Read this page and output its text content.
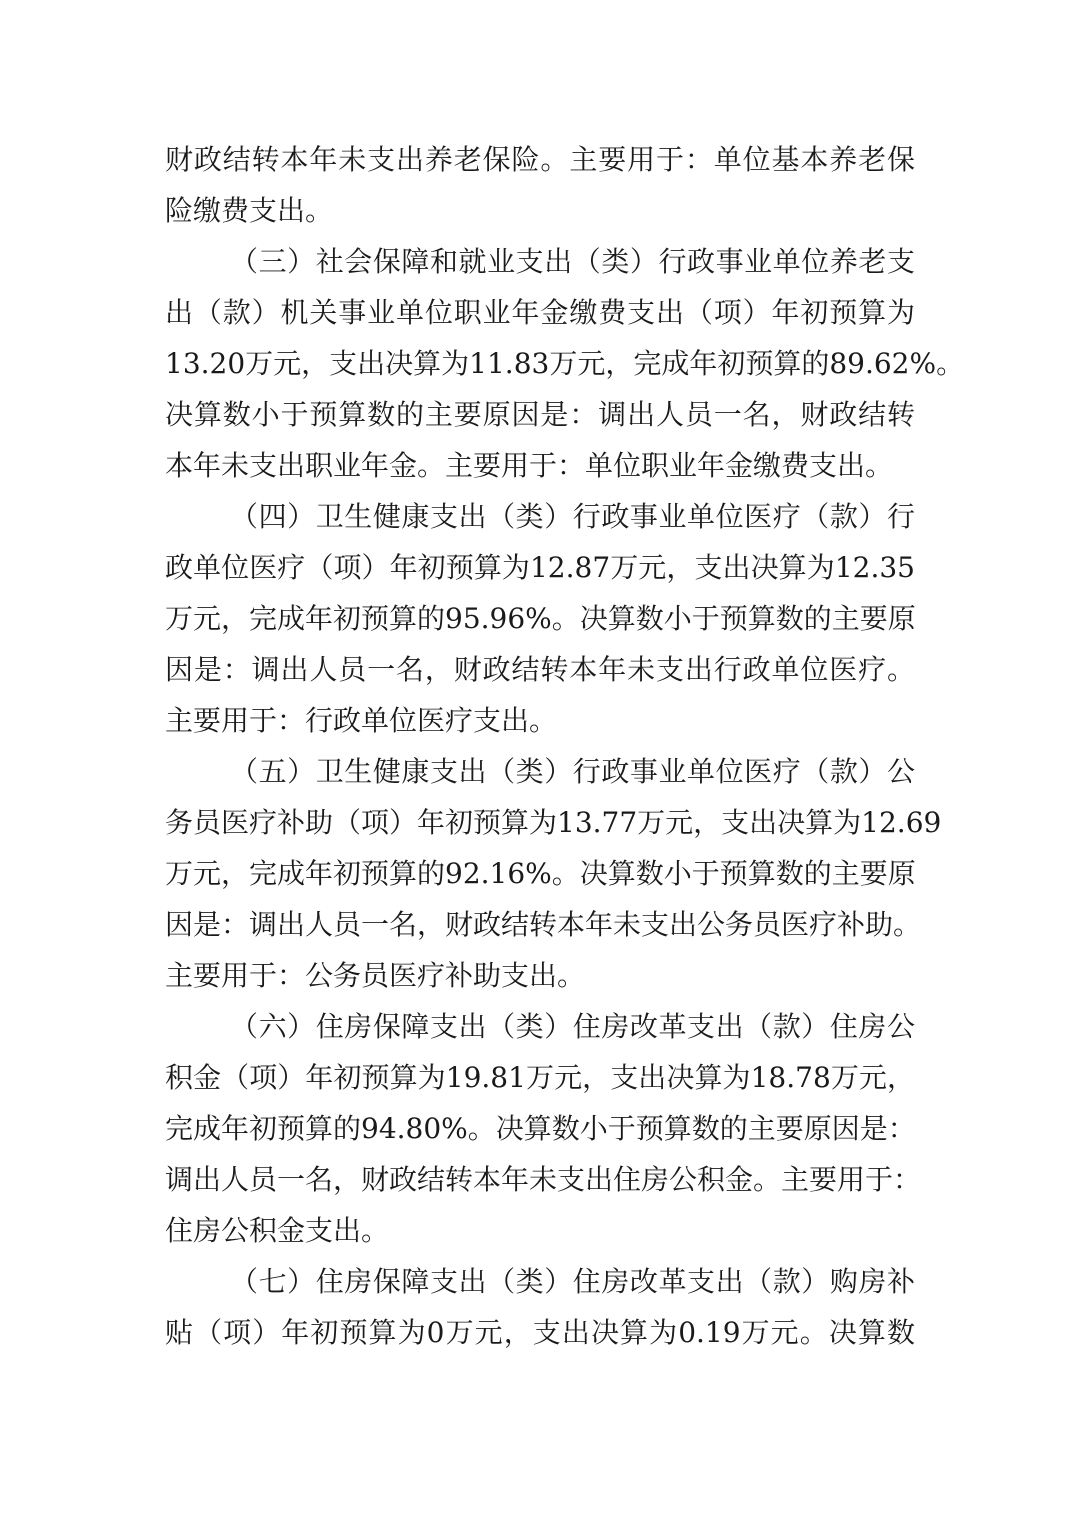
财政结转本年未支出养老保险。主要用于：单位基本养老保
险缴费支出。
（三）社会保障和就业支出（类）行政事业单位养老支
出（款）机关事业单位职业年金缴费支出（项）年初预算为
13.20万元，支出决算为11.83万元，完成年初预算的89.62%。
决算数小于预算数的主要原因是：调出人员一名，财政结转
本年未支出职业年金。主要用于：单位职业年金缴费支出。
（四）卫生健康支出（类）行政事业单位医疗（款）行
政单位医疗（项）年初预算为12.87万元，支出决算为12.35
万元，完成年初预算的95.96%。决算数小于预算数的主要原
因是：调出人员一名，财政结转本年未支出行政单位医疗。
主要用于：行政单位医疗支出。
（五）卫生健康支出（类）行政事业单位医疗（款）公
务员医疗补助（项）年初预算为13.77万元，支出决算为12.69
万元，完成年初预算的92.16%。决算数小于预算数的主要原
因是：调出人员一名，财政结转本年未支出公务员医疗补助。
主要用于：公务员医疗补助支出。
（六）住房保障支出（类）住房改革支出（款）住房公
积金（项）年初预算为19.81万元，支出决算为18.78万元，
完成年初预算的94.80%。决算数小于预算数的主要原因是：
调出人员一名，财政结转本年未支出住房公积金。主要用于：
住房公积金支出。
（七）住房保障支出（类）住房改革支出（款）购房补
贴（项）年初预算为0万元，支出决算为0.19万元。决算数
